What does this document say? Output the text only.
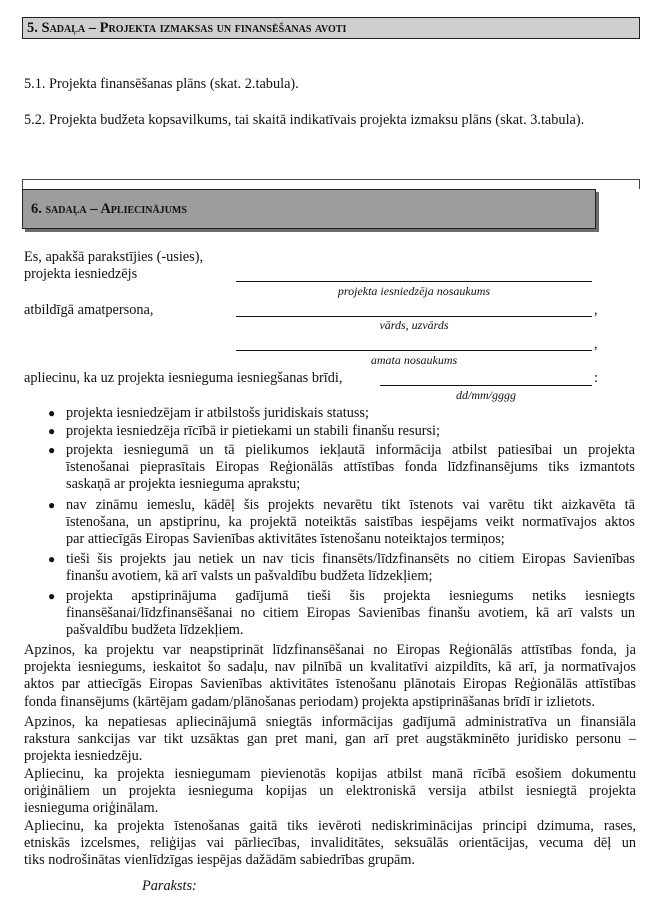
5. Sadaļa – Projekta izmaksas un finansēšanas avoti
5.1. Projekta finansēšanas plāns (skat. 2.tabula).
5.2. Projekta budžeta kopsavilkums, tai skaitā indikatīvais projekta izmaksu plāns (skat. 3.tabula).
6. sadaļa – Apliecinājums
Es, apakšā parakstījies (-usies),
projekta iesniedzējs
projekta iesniedzēja nosaukums
atbildīgā amatpersona,	,
vārds, uzvārds
,
amata nosaukums
apliecinu, ka uz projekta iesnieguma iesniegšanas brīdi,	:
dd/mm/gggg
● projekta iesniedzējam ir atbilstošs juridiskais statuss;
● projekta iesniedzēja rīcībā ir pietiekami un stabili finanšu resursi;
● projekta iesniegumā un tā pielikumos iekļautā informācija atbilst patiesībai un projekta
īstenošanai pieprasītais Eiropas Reģionālās attīstības fonda līdzfinansējums tiks izmantots
saskaņā ar projekta iesnieguma aprakstu;
● nav zināmu iemeslu, kādēļ šis projekts nevarētu tikt īstenots vai varētu tikt aizkavēta tā
īstenošana, un apstiprinu, ka projektā noteiktās saistības iespējams veikt normatīvajos aktos
par attiecīgās Eiropas Savienības aktivitātes īstenošanu noteiktajos termiņos;
● tieši šis projekts jau netiek un nav ticis finansēts/līdzfinansēts no citiem Eiropas Savienības
finanšu avotiem, kā arī valsts un pašvaldību budžeta līdzekļiem;
● projekta apstiprinājuma gadījumā tieši šis projekta iesniegums netiks iesniegts
finansēšanai/līdzfinansēšanai no citiem Eiropas Savienības finanšu avotiem, kā arī valsts un
pašvaldību budžeta līdzekļiem.
Apzinos, ka projektu var neapstiprināt līdzfinansēšanai no Eiropas Reģionālās attīstības fonda, ja
projekta iesniegums, ieskaitot šo sadaļu, nav pilnībā un kvalitatīvi aizpildīts, kā arī, ja normatīvajos
aktos par attiecīgās Eiropas Savienības aktivitātes īstenošanu plānotais Eiropas Reģionālās attīstības
fonda finansējums (kārtējam gadam/plānošanas periodam) projekta apstiprināšanas brīdī ir izlietots.
Apzinos, ka nepatiesas apliecinājumā sniegtās informācijas gadījumā administratīva un finansiāla
rakstura sankcijas var tikt uzsāktas gan pret mani, gan arī pret augstākminēto juridisko personu –
projekta iesniedzēju.
Apliecinu, ka projekta iesniegumam pievienotās kopijas atbilst manā rīcībā esošiem dokumentu
oriģināliem un projekta iesnieguma kopijas un elektroniskā versija atbilst iesniegtā projekta
iesnieguma oriģinālam.
Apliecinu, ka projekta īstenošanas gaitā tiks ievēroti nediskriminācijas principi dzimuma, rases,
etniskās izcelsmes, reliģijas vai pārliecības, invaliditātes, seksuālās orientācijas, vecuma dēļ un
tiks nodrošinātas vienlīdzīgas iespējas dažādām sabiedrības grupām.
Paraksts:
